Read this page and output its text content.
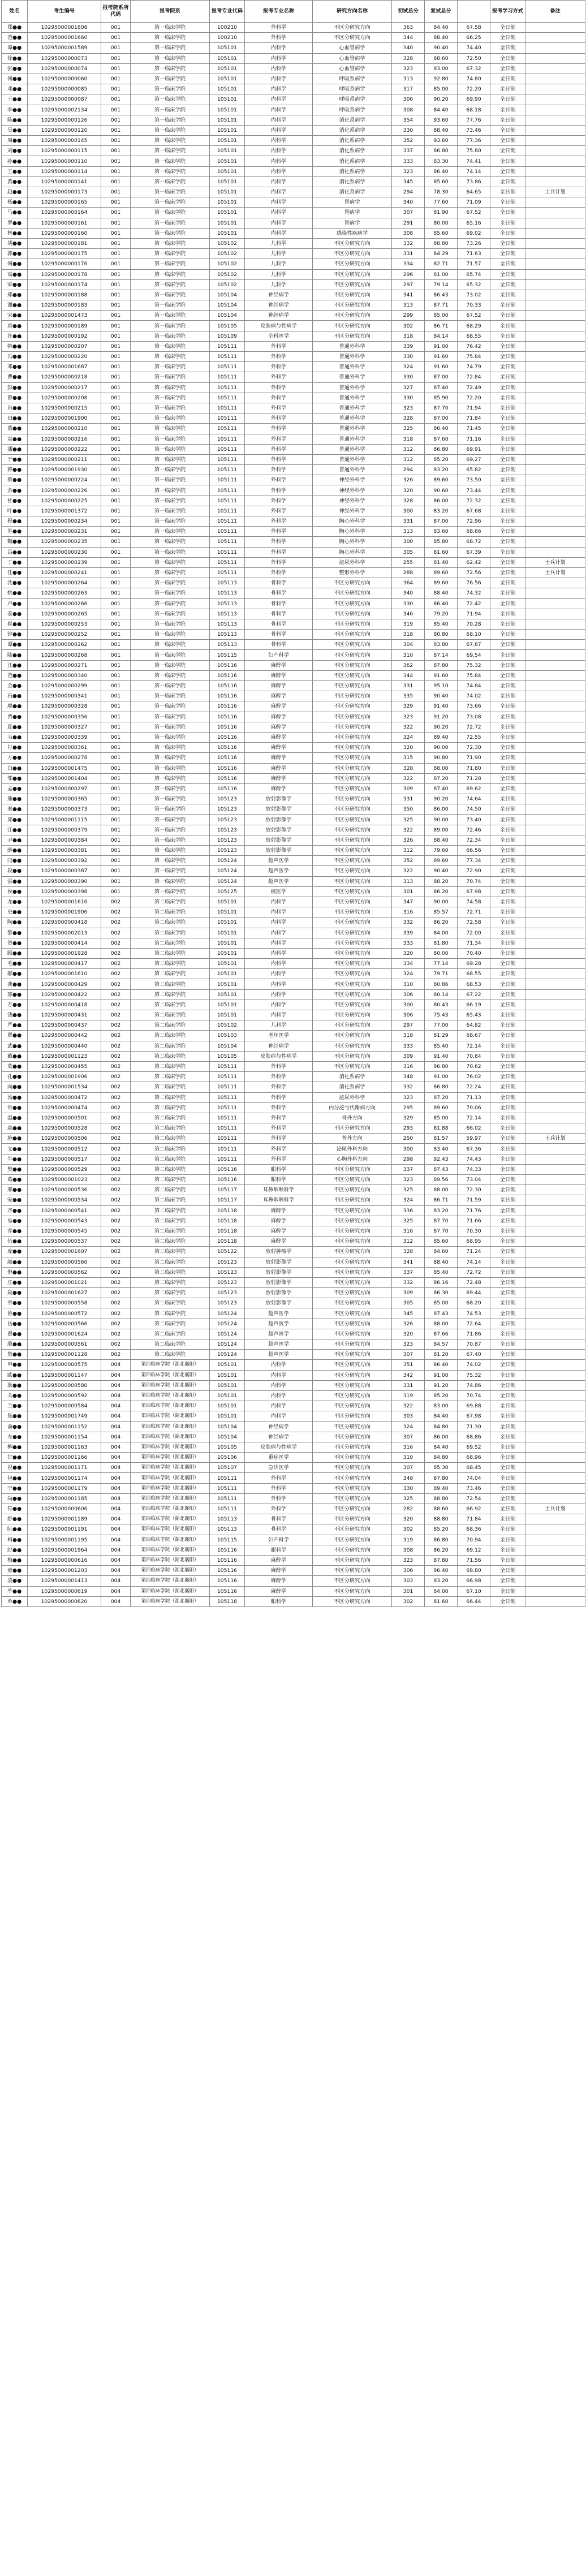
姓名	考生编号	报考院系所代码	报考院系	报考专业代码	报考专业名称	研究方向名称	初试总分	复试总分		报考学习方式	备注
郑●●	10295000001808	001	第一临床学院	100210	外科学	不区分研究方向	363	84.40	67.58	全日制	
范●●	10295000001660	001	第一临床学院	100210	外科学	不区分研究方向	344	88.40	66.25	全日制	
谭●●	10295000001589	001	第一临床学院	105101	内科学	心血管病学	340	90.40	74.40	全日制	
徐●●	10295000000073	001	第一临床学院	105101	内科学	心血管病学	328	88.60	72.50	全日制	
张●●	10295000000074	001	第一临床学院	105101	内科学	心血管病学	323	83.00	67.32	全日制	
何●●	10295000000060	001	第一临床学院	105101	内科学	呼吸系病学	313	92.80	74.80	全日制	
邓●●	10295000000085	001	第一临床学院	105101	内科学	呼吸系病学	317	85.00	72.20	全日制	
王●●	10295000000087	001	第一临床学院	105101	内科学	呼吸系病学	306	90.20	69.90	全日制	
李●●	10295000002134	001	第一临床学院	105101	内科学	呼吸系病学	308	84.40	68.18	全日制	
陈●●	10295000000126	001	第一临床学院	105101	内科学	消化系病学	354	93.60	77.76	全日制	
吴●●	10295000000120	001	第一临床学院	105101	内科学	消化系病学	330	88.40	73.46	全日制	
周●●	10295000000145	001	第一临床学院	105101	内科学	消化系病学	352	93.60	77.36	全日制	
刘●●	10295000000115	001	第一临床学院	105101	内科学	消化系病学	337	86.80	75.80	全日制	
孙●●	10295000000110	001	第一临床学院	105101	内科学	消化系病学	333	83.30	74.41	全日制	
王●●	10295000000114	001	第一临床学院	105101	内科学	消化系病学	323	86.40	74.14	全日制	
黄●●	10295000000141	001	第一临床学院	105101	内科学	消化系病学	345	85.60	73.86	全日制	
赵●●	10295000000173	001	第一临床学院	105101	内科学	消化系病学	294	78.30	64.65	全日制	士兵计划
杨●●	10295000000165	001	第一临床学院	105101	内科学	肾病学	340	77.60	71.09	全日制	
马●●	10295000000164	001	第一临床学院	105101	内科学	肾病学	307	81.90	67.52	全日制	
罗●●	10295000000161	001	第一临床学院	105101	内科学	肾病学	291	80.00	65.16	全日制	
林●●	10295000000160	001	第一临床学院	105101	内科学	感染性疾病学	308	85.60	69.02	全日制	
胡●●	10295000000181	001	第一临床学院	105102	儿科学	不区分研究方向	332	88.80	73.26	全日制	
郭●●	10295000000175	001	第一临床学院	105102	儿科学	不区分研究方向	331	84.29	71.63	全日制	
何●●	10295000000176	001	第一临床学院	105102	儿科学	不区分研究方向	334	82.71	71.57	全日制	
高●●	10295000000178	001	第一临床学院	105102	儿科学	不区分研究方向	296	81.00	65.74	全日制	
梁●●	10295000000174	001	第一临床学院	105102	儿科学	不区分研究方向	297	79.14	65.32	全日制	
郑●●	10295000000188	001	第一临床学院	105104	神经病学	不区分研究方向	341	86.43	73.02	全日制	
谢●●	10295000000183	001	第一临床学院	105104	神经病学	不区分研究方向	313	87.71	70.33	全日制	
宋●●	10295000001473	001	第一临床学院	105104	神经病学	不区分研究方向	299	85.00	67.52	全日制	
唐●●	10295000000189	001	第一临床学院	105105	皮肤病与性病学	不区分研究方向	302	86.71	68.29	全日制	
许●●	10295000000192	001	第一临床学院	105109	全科医学	不区分研究方向	318	84.14	68.55	全日制	
韩●●	10295000000207	001	第一临床学院	105111	外科学	普通外科学	339	91.00	76.42	全日制	
冯●●	10295000000220	001	第一临床学院	105111	外科学	普通外科学	330	91.60	75.84	全日制	
邓●●	10295000001687	001	第一临床学院	105111	外科学	普通外科学	324	91.60	74.79	全日制	
曹●●	10295000000218	001	第一临床学院	105111	外科学	普通外科学	330	87.00	72.84	全日制	
彭●●	10295000000217	001	第一临床学院	105111	外科学	普通外科学	327	87.40	72.49	全日制	
曾●●	10295000000208	001	第一临床学院	105111	外科学	普通外科学	330	85.90	72.20	全日制	
肖●●	10295000000215	001	第一临床学院	105111	外科学	普通外科学	323	87.70	71.94	全日制	
田●●	10295000001900	001	第一临床学院	105111	外科学	普通外科学	328	87.00	71.84	全日制	
董●●	10295000000210	001	第一临床学院	105111	外科学	普通外科学	325	86.40	71.45	全日制	
袁●●	10295000000216	001	第一临床学院	105111	外科学	普通外科学	318	87.60	71.16	全日制	
潘●●	10295000000222	001	第一临床学院	105111	外科学	普通外科学	312	86.80	69.91	全日制	
于●●	10295000000211	001	第一临床学院	105111	外科学	普通外科学	312	85.20	69.27	全日制	
蒋●●	10295000001930	001	第一临床学院	105111	外科学	普通外科学	294	83.20	65.82	全日制	
蔡●●	10295000000224	001	第一临床学院	105111	外科学	神经外科学	326	89.60	73.50	全日制	
余●●	10295000000226	001	第一临床学院	105111	外科学	神经外科学	320	90.60	73.44	全日制	
杜●●	10295000000225	001	第一临床学院	105111	外科学	神经外科学	328	86.00	72.32	全日制	
叶●●	10295000001372	001	第一临床学院	105111	外科学	神经外科学	300	83.20	67.68	全日制	
程●●	10295000000234	001	第一临床学院	105111	外科学	胸心外科学	331	87.00	72.96	全日制	
苏●●	10295000000231	001	第一临床学院	105111	外科学	胸心外科学	313	83.60	68.66	全日制	
魏●●	10295000000235	001	第一临床学院	105111	外科学	胸心外科学	300	85.80	68.72	全日制	
吕●●	10295000000230	001	第一临床学院	105111	外科学	胸心外科学	305	81.60	67.39	全日制	
丁●●	10295000000239	001	第一临床学院	105111	外科学	泌尿外科学	255	81.40	62.42	全日制	士兵计划
任●●	10295000000241	001	第一临床学院	105111	外科学	整形外科学	288	89.60	72.56	全日制	士兵计划
沈●●	10295000000264	001	第一临床学院	105113	骨科学	不区分研究方向	364	89.60	76.56	全日制	
姚●●	10295000000263	001	第一临床学院	105113	骨科学	不区分研究方向	340	88.40	74.32	全日制	
卢●●	10295000000266	001	第一临床学院	105113	骨科学	不区分研究方向	330	86.40	72.42	全日制	
姜●●	10295000000265	001	第一临床学院	105113	骨科学	不区分研究方向	346	79.20	71.94	全日制	
崔●●	10295000000253	001	第一临床学院	105113	骨科学	不区分研究方向	319	85.40	70.28	全日制	
钟●●	10295000000252	001	第一临床学院	105113	骨科学	不区分研究方向	318	80.80	68.10	全日制	
谭●●	10295000000262	001	第一临床学院	105113	骨科学	不区分研究方向	304	83.80	67.87	全日制	
陆●●	10295000000268	001	第一临床学院	105115	妇产科学	不区分研究方向	310	87.14	69.54	全日制	
汪●●	10295000000271	001	第一临床学院	105116	麻醉学	不区分研究方向	362	87.80	75.32	全日制	
范●●	10295000000340	001	第一临床学院	105116	麻醉学	不区分研究方向	344	91.60	75.84	全日制	
金●●	10295000000299	001	第一临床学院	105116	麻醉学	不区分研究方向	331	95.10	74.84	全日制	
石●●	10295000000341	001	第一临床学院	105116	麻醉学	不区分研究方向	335	90.40	74.02	全日制	
廖●●	10295000000328	001	第一临床学院	105116	麻醉学	不区分研究方向	329	91.40	73.66	全日制	
贾●●	10295000000356	001	第一临床学院	105116	麻醉学	不区分研究方向	323	91.20	73.08	全日制	
夏●●	10295000000327	001	第一临床学院	105116	麻醉学	不区分研究方向	322	90.20	72.72	全日制	
韦●●	10295000000339	001	第一临床学院	105116	麻醉学	不区分研究方向	324	89.40	72.55	全日制	
付●●	10295000000361	001	第一临床学院	105116	麻醉学	不区分研究方向	320	90.00	72.30	全日制	
方●●	10295000000278	001	第一临床学院	105116	麻醉学	不区分研究方向	315	90.80	71.90	全日制	
白●●	10295000001475	001	第一临床学院	105116	麻醉学	不区分研究方向	328	88.00	71.80	全日制	
邹●●	10295000001404	001	第一临床学院	105116	麻醉学	不区分研究方向	322	87.20	71.28	全日制	
孟●●	10295000000297	001	第一临床学院	105116	麻醉学	不区分研究方向	309	87.40	69.62	全日制	
熊●●	10295000000365	001	第一临床学院	105123	放射影像学	不区分研究方向	331	90.20	74.64	全日制	
秦●●	10295000000373	001	第一临床学院	105123	放射影像学	不区分研究方向	350	86.00	74.50	全日制	
邱●●	10295000001115	001	第一临床学院	105123	放射影像学	不区分研究方向	325	90.00	73.40	全日制	
江●●	10295000000379	001	第一临床学院	105123	放射影像学	不区分研究方向	322	89.00	72.46	全日制	
尹●●	10295000000384	001	第一临床学院	105123	放射影像学	不区分研究方向	326	88.40	72.34	全日制	
薛●●	10295000000381	001	第一临床学院	105123	放射影像学	不区分研究方向	312	79.60	66.56	全日制	
闫●●	10295000000392	001	第一临床学院	105124	超声医学	不区分研究方向	352	89.60	77.34	全日制	
段●●	10295000000387	001	第一临床学院	105124	超声医学	不区分研究方向	322	90.40	72.90	全日制	
雷●●	10295000000390	001	第一临床学院	105124	超声医学	不区分研究方向	313	88.20	70.74	全日制	
侯●●	10295000000398	001	第一临床学院	105125	核医学	不区分研究方向	301	86.20	67.98	全日制	
龙●●	10295000001616	002	第二临床学院	105101	内科学	不区分研究方向	347	90.00	74.58	全日制	
史●●	10295000001906	002	第二临床学院	105101	内科学	不区分研究方向	316	85.57	72.71	全日制	
陶●●	10295000000418	002	第二临床学院	105101	内科学	不区分研究方向	332	86.20	72.58	全日制	
黎●●	10295000002013	002	第二临床学院	105101	内科学	不区分研究方向	339	84.00	72.00	全日制	
贺●●	10295000000414	002	第二临床学院	105101	内科学	不区分研究方向	333	81.80	71.34	全日制	
顾●●	10295000001928	002	第二临床学院	105101	内科学	不区分研究方向	320	80.00	70.40	全日制	
毛●●	10295000000417	002	第二临床学院	105101	内科学	不区分研究方向	334	77.14	69.28	全日制	
郝●●	10295000001610	002	第二临床学院	105101	内科学	不区分研究方向	324	79.71	68.55	全日制	
龚●●	10295000000429	002	第二临床学院	105101	内科学	不区分研究方向	310	80.86	68.53	全日制	
邵●●	10295000000422	002	第二临床学院	105101	内科学	不区分研究方向	306	80.14	67.22	全日制	
万●●	10295000000418	002	第二临床学院	105101	内科学	不区分研究方向	300	80.43	66.19	全日制	
钱●●	10295000000431	002	第二临床学院	105101	内科学	不区分研究方向	306	75.43	65.43	全日制	
严●●	10295000000437	002	第二临床学院	105102	儿科学	不区分研究方向	297	77.00	64.82	全日制	
覃●●	10295000000442	002	第二临床学院	105103	老年医学	不区分研究方向	318	81.29	68.67	全日制	
武●●	10295000000440	002	第二临床学院	105104	神经病学	不区分研究方向	333	85.40	72.14	全日制	
戴●●	10295000001123	002	第二临床学院	105105	皮肤病与性病学	不区分研究方向	309	91.40	70.84	全日制	
莫●●	10295000000455	002	第二临床学院	105111	外科学	不区分研究方向	316	86.80	70.62	全日制	
孔●●	10295000001906	002	第二临床学院	105111	外科学	消化系病学	348	91.00	76.02	全日制	
向●●	10295000001534	002	第二临床学院	105111	外科学	消化系病学	332	86.80	72.24	全日制	
汤●●	10295000000472	002	第二临床学院	105111	外科学	泌尿外科学	323	87.20	71.13	全日制	
常●●	10295000000474	002	第二临床学院	105111	外科学	内分泌与代谢病方向	295	89.60	70.06	全日制	
温●●	10295000000501	002	第二临床学院	105111	外科学	骨外方向	329	85.00	72.14	全日制	
康●●	10295000000528	002	第二临床学院	105111	外科学	不区分研究方向	293	81.88	66.02	全日制	
施●●	10295000000506	002	第二临床学院	105111	外科学	普外方向	250	81.57	59.97	全日制	士兵计划
文●●	10295000000512	002	第二临床学院	105111	外科学	泌尿外科方向	300	83.40	67.36	全日制	
牛●●	10295000000517	002	第二临床学院	105111	外科学	心胸外科方向	298	92.43	74.43	全日制	
樊●●	10295000000529	002	第二临床学院	105116	眼科学	不区分研究方向	337	87.43	74.33	全日制	
葛●●	10295000001023	002	第二临床学院	105116	眼科学	不区分研究方向	323	89.56	73.04	全日制	
邢●●	10295000000536	002	第二临床学院	105117	耳鼻咽喉科学	不区分研究方向	325	88.00	72.30	全日制	
安●●	10295000000534	002	第二临床学院	105117	耳鼻咽喉科学	不区分研究方向	324	86.71	71.59	全日制	
齐●●	10295000000541	002	第二临床学院	105118	麻醉学	不区分研究方向	336	83.20	71.76	全日制	
易●●	10295000000543	002	第二临床学院	105118	麻醉学	不区分研究方向	325	87.70	71.66	全日制	
乔●●	10295000000545	002	第二临床学院	105118	麻醉学	不区分研究方向	316	87.70	70.30	全日制	
伍●●	10295000000537	002	第二临床学院	105118	麻醉学	不区分研究方向	312	85.60	68.95	全日制	
庞●●	10295000001607	002	第二临床学院	105122	放射肿瘤学	不区分研究方向	328	84.60	71.24	全日制	
颜●●	10295000000560	002	第二临床学院	105123	放射影像学	不区分研究方向	341	88.40	74.14	全日制	
倪●●	10295000000562	002	第二临床学院	105123	放射影像学	不区分研究方向	337	85.40	72.72	全日制	
庄●●	10295000001021	002	第二临床学院	105123	放射影像学	不区分研究方向	332	86.16	72.48	全日制	
聂●●	10295000001627	002	第二临床学院	105123	放射影像学	不区分研究方向	309	86.30	69.44	全日制	
章●●	10295000000558	002	第二临床学院	105123	放射影像学	不区分研究方向	305	85.00	68.20	全日制	
鲁●●	10295000000572	002	第二临床学院	105124	超声医学	不区分研究方向	345	87.43	74.53	全日制	
岳●●	10295000000566	002	第二临床学院	105124	超声医学	不区分研究方向	326	88.00	72.64	全日制	
翟●●	10295000001624	002	第二临床学院	105124	超声医学	不区分研究方向	320	87.66	71.86	全日制	
殷●●	10295000000561	002	第二临床学院	105124	超声医学	不区分研究方向	323	84.57	70.87	全日制	
詹●●	10295000001128	002	第二临床学院	105124	超声医学	不区分研究方向	307	81.20	67.40	全日制	
申●●	10295000000575	004	第四临床学院（湖北襄阳）	105101	内科学	不区分研究方向	351	86.40	74.02	全日制	
欧●●	10295000001147	004	第四临床学院（湖北襄阳）	105101	内科学	不区分研究方向	342	91.00	75.32	全日制	
耿●●	10295000000580	004	第四临床学院（湖北襄阳）	105101	内科学	不区分研究方向	331	91.20	74.86	全日制	
关●●	10295000000592	004	第四临床学院（湖北襄阳）	105101	内科学	不区分研究方向	319	85.20	70.74	全日制	
兰●●	10295000000584	004	第四临床学院（湖北襄阳）	105101	内科学	不区分研究方向	322	83.00	69.88	全日制	
焦●●	10295000001749	004	第四临床学院（湖北襄阳）	105101	内科学	不区分研究方向	303	84.40	67.98	全日制	
俞●●	10295000001152	004	第四临床学院（湖北襄阳）	105104	神经病学	不区分研究方向	324	84.80	71.30	全日制	
左●●	10295000001154	004	第四临床学院（湖北襄阳）	105104	神经病学	不区分研究方向	307	86.00	68.86	全日制	
柳●●	10295000001163	004	第四临床学院（湖北襄阳）	105105	皮肤病与性病学	不区分研究方向	316	84.40	69.52	全日制	
甘●●	10295000001166	004	第四临床学院（湖北襄阳）	105106	重症医学	不区分研究方向	310	84.80	68.96	全日制	
祝●●	10295000001171	004	第四临床学院（湖北襄阳）	105107	急诊医学	不区分研究方向	307	85.30	68.45	全日制	
包●●	10295000001174	004	第四临床学院（湖北襄阳）	105111	外科学	不区分研究方向	348	87.80	74.04	全日制	
宁●●	10295000001179	004	第四临床学院（湖北襄阳）	105111	外科学	不区分研究方向	330	89.40	73.46	全日制	
尚●●	10295000001185	004	第四临床学院（湖北襄阳）	105111	外科学	不区分研究方向	325	88.80	72.54	全日制	
符●●	10295000000606	004	第四临床学院（湖北襄阳）	105111	外科学	不区分研究方向	282	88.60	66.92	全日制	士兵计划
舒●●	10295000001189	004	第四临床学院（湖北襄阳）	105113	骨科学	不区分研究方向	320	88.80	71.84	全日制	
阮●●	10295000001191	004	第四临床学院（湖北襄阳）	105113	骨科学	不区分研究方向	302	85.20	68.36	全日制	
柯●●	10295000001195	004	第四临床学院（湖北襄阳）	105115	妇产科学	不区分研究方向	319	86.80	70.94	全日制	
纪●●	10295000001964	004	第四临床学院（湖北襄阳）	105116	眼科学	不区分研究方向	308	86.20	69.12	全日制	
梅●●	10295000000616	004	第四临床学院（湖北襄阳）	105116	麻醉学	不区分研究方向	323	87.80	71.56	全日制	
童●●	10295000001203	004	第四临床学院（湖北襄阳）	105116	麻醉学	不区分研究方向	306	86.40	68.80	全日制	
凌●●	10295000001413	004	第四临床学院（湖北襄阳）	105116	麻醉学	不区分研究方向	303	83.20	66.98	全日制	
毕●●	10295000000619	004	第四临床学院（湖北襄阳）	105116	麻醉学	不区分研究方向	301	84.00	67.10	全日制	
单●●	10295000000620	004	第四临床学院（湖北襄阳）	105118	眼科学	不区分研究方向	302	81.60	66.44	全日制	
